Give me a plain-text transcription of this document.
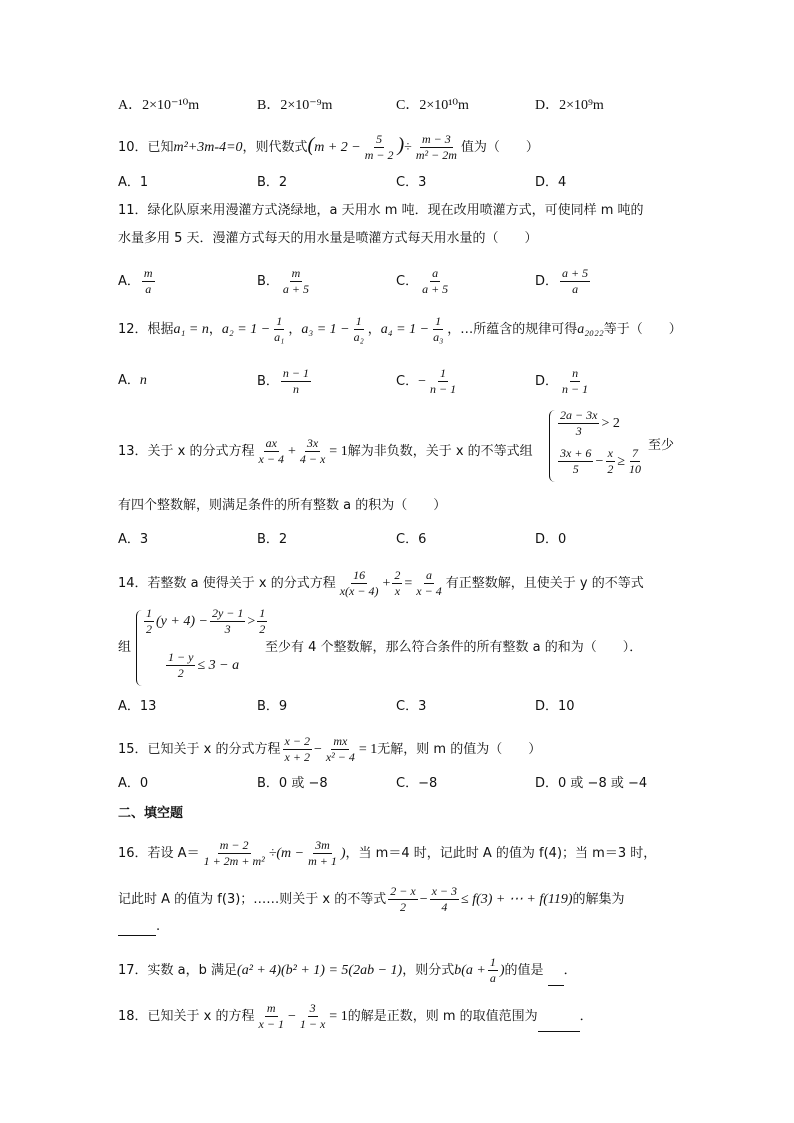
A．2×10⁻¹⁰m	B．2×10⁻⁹m	C．2×10¹⁰m	D．2×10⁹m
10．已知m²+3m-4=0，则代数式($m + 2 - \frac{5}{m - 2}$ )÷ $\frac{m - 3}{\text{m² − 2m}}$ 值为（　　）
A．1	B．2	C．3	D．4
11．绿化队原来用漫灌方式浇绿地，a 天用水 m 吨．现在改用喷灌方式，可使同样 m 吨的
水量多用 5 天．漫灌方式每天的用水量是喷灌方式每天用水量的（　　）
A． $\frac{m}{a}$	B． $\frac{m}{a + 5}$	C． $\frac{a}{a + 5}$	D． $\frac{a + 5}{a}$
12．根据a₁ = n，$a_2 = 1 - \frac{1}{\text{a₁}}$ ，$a_3 = 1 - \frac{1}{\text{a₂}}$ ，$a_4 = 1 - \frac{1}{\text{a₃}}$ ，…所蕴含的规律可得a₂₀₂₂等于（　　）
A．n	B． $\frac{n - 1}{n}$	C．− $\frac{1}{n - 1}$	D． $\frac{n}{n - 1}$
13．关于 x 的分式方程 $\frac{ax}{x - 4} + \frac{3x}{4 - x} = 1$解为非负数，关于 x 的不等式组
$\frac{2a - 3x}{3} > 2$
$\frac{3x + 6}{5} - \frac{x}{2} \ge \frac{7}{10}$
至少
有四个整数解，则满足条件的所有整数 a 的积为（　　）
A．3	B．2	C．6	D．0
14．若整数 a 使得关于 x 的分式方程 $\frac{16}{x(x - 4)} + \frac{2}{x} = \frac{a}{x - 4}$ 有正整数解，且使关于 y 的不等式
组
$\frac{1}{2} (y + 4) - \frac{2y - 1}{3} > \frac{1}{2}$
$\frac{1 - y}{2} \le 3 - a$
至少有 4 个整数解，那么符合条件的所有整数 a 的和为（　　）．
A．13	B．9	C．3	D．10
15．已知关于 x 的分式方程 $\frac{x - 2}{x + 2} - \frac{mx}{\text{x² − 4}} = 1$无解，则 m 的值为（　　）
A．0	B．0 或 −8	C．−8	D．0 或 −8 或 −4
二、填空题
16．若设 $A= \frac{m - 2}{\text{1 + 2m + m²}} \div(m - \frac{3m}{m + 1}$ )，当 m＝4 时，记此时 A 的值为 f(4)；当 m＝3 时，
记此时 A 的值为 f(3)；……则关于 x 的不等式 $\frac{2 - x}{2} - \frac{x - 3}{4} \le f(3)$ + ⋯ + f(119)的解集为
.
17．实数 a，b 满足(a² + 4)(b² + 1) = 5(2ab − 1)，则分式$b(a + \frac{1}{a}$ )的值是 ．
18．已知关于 x 的方程 $\frac{m}{x - 1} - \frac{3}{1 - x} = 1$的解是正数，则 m 的取值范围为	．
